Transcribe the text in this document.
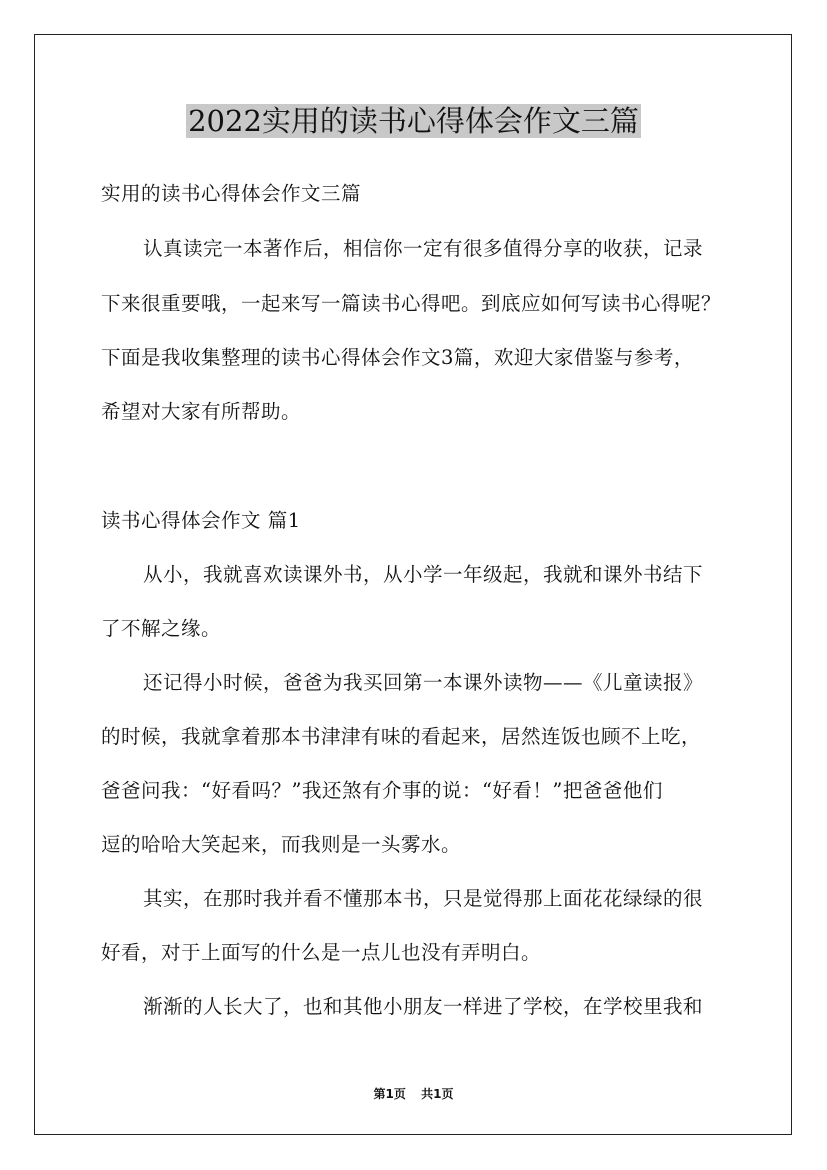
2022实用的读书心得体会作文三篇
实用的读书心得体会作文三篇
认真读完一本著作后，相信你一定有很多值得分享的收获，记录
下来很重要哦，一起来写一篇读书心得吧。到底应如何写读书心得呢？
下面是我收集整理的读书心得体会作文3篇，欢迎大家借鉴与参考，
希望对大家有所帮助。
读书心得体会作文 篇1
从小，我就喜欢读课外书，从小学一年级起，我就和课外书结下
了不解之缘。
还记得小时候，爸爸为我买回第一本课外读物——《儿童读报》
的时候，我就拿着那本书津津有味的看起来，居然连饭也顾不上吃，
爸爸问我：“好看吗？”我还煞有介事的说：“好看！”把爸爸他们
逗的哈哈大笑起来，而我则是一头雾水。
其实，在那时我并看不懂那本书，只是觉得那上面花花绿绿的很
好看，对于上面写的什么是一点儿也没有弄明白。
渐渐的人长大了，也和其他小朋友一样进了学校，在学校里我和
第1页 共1页
